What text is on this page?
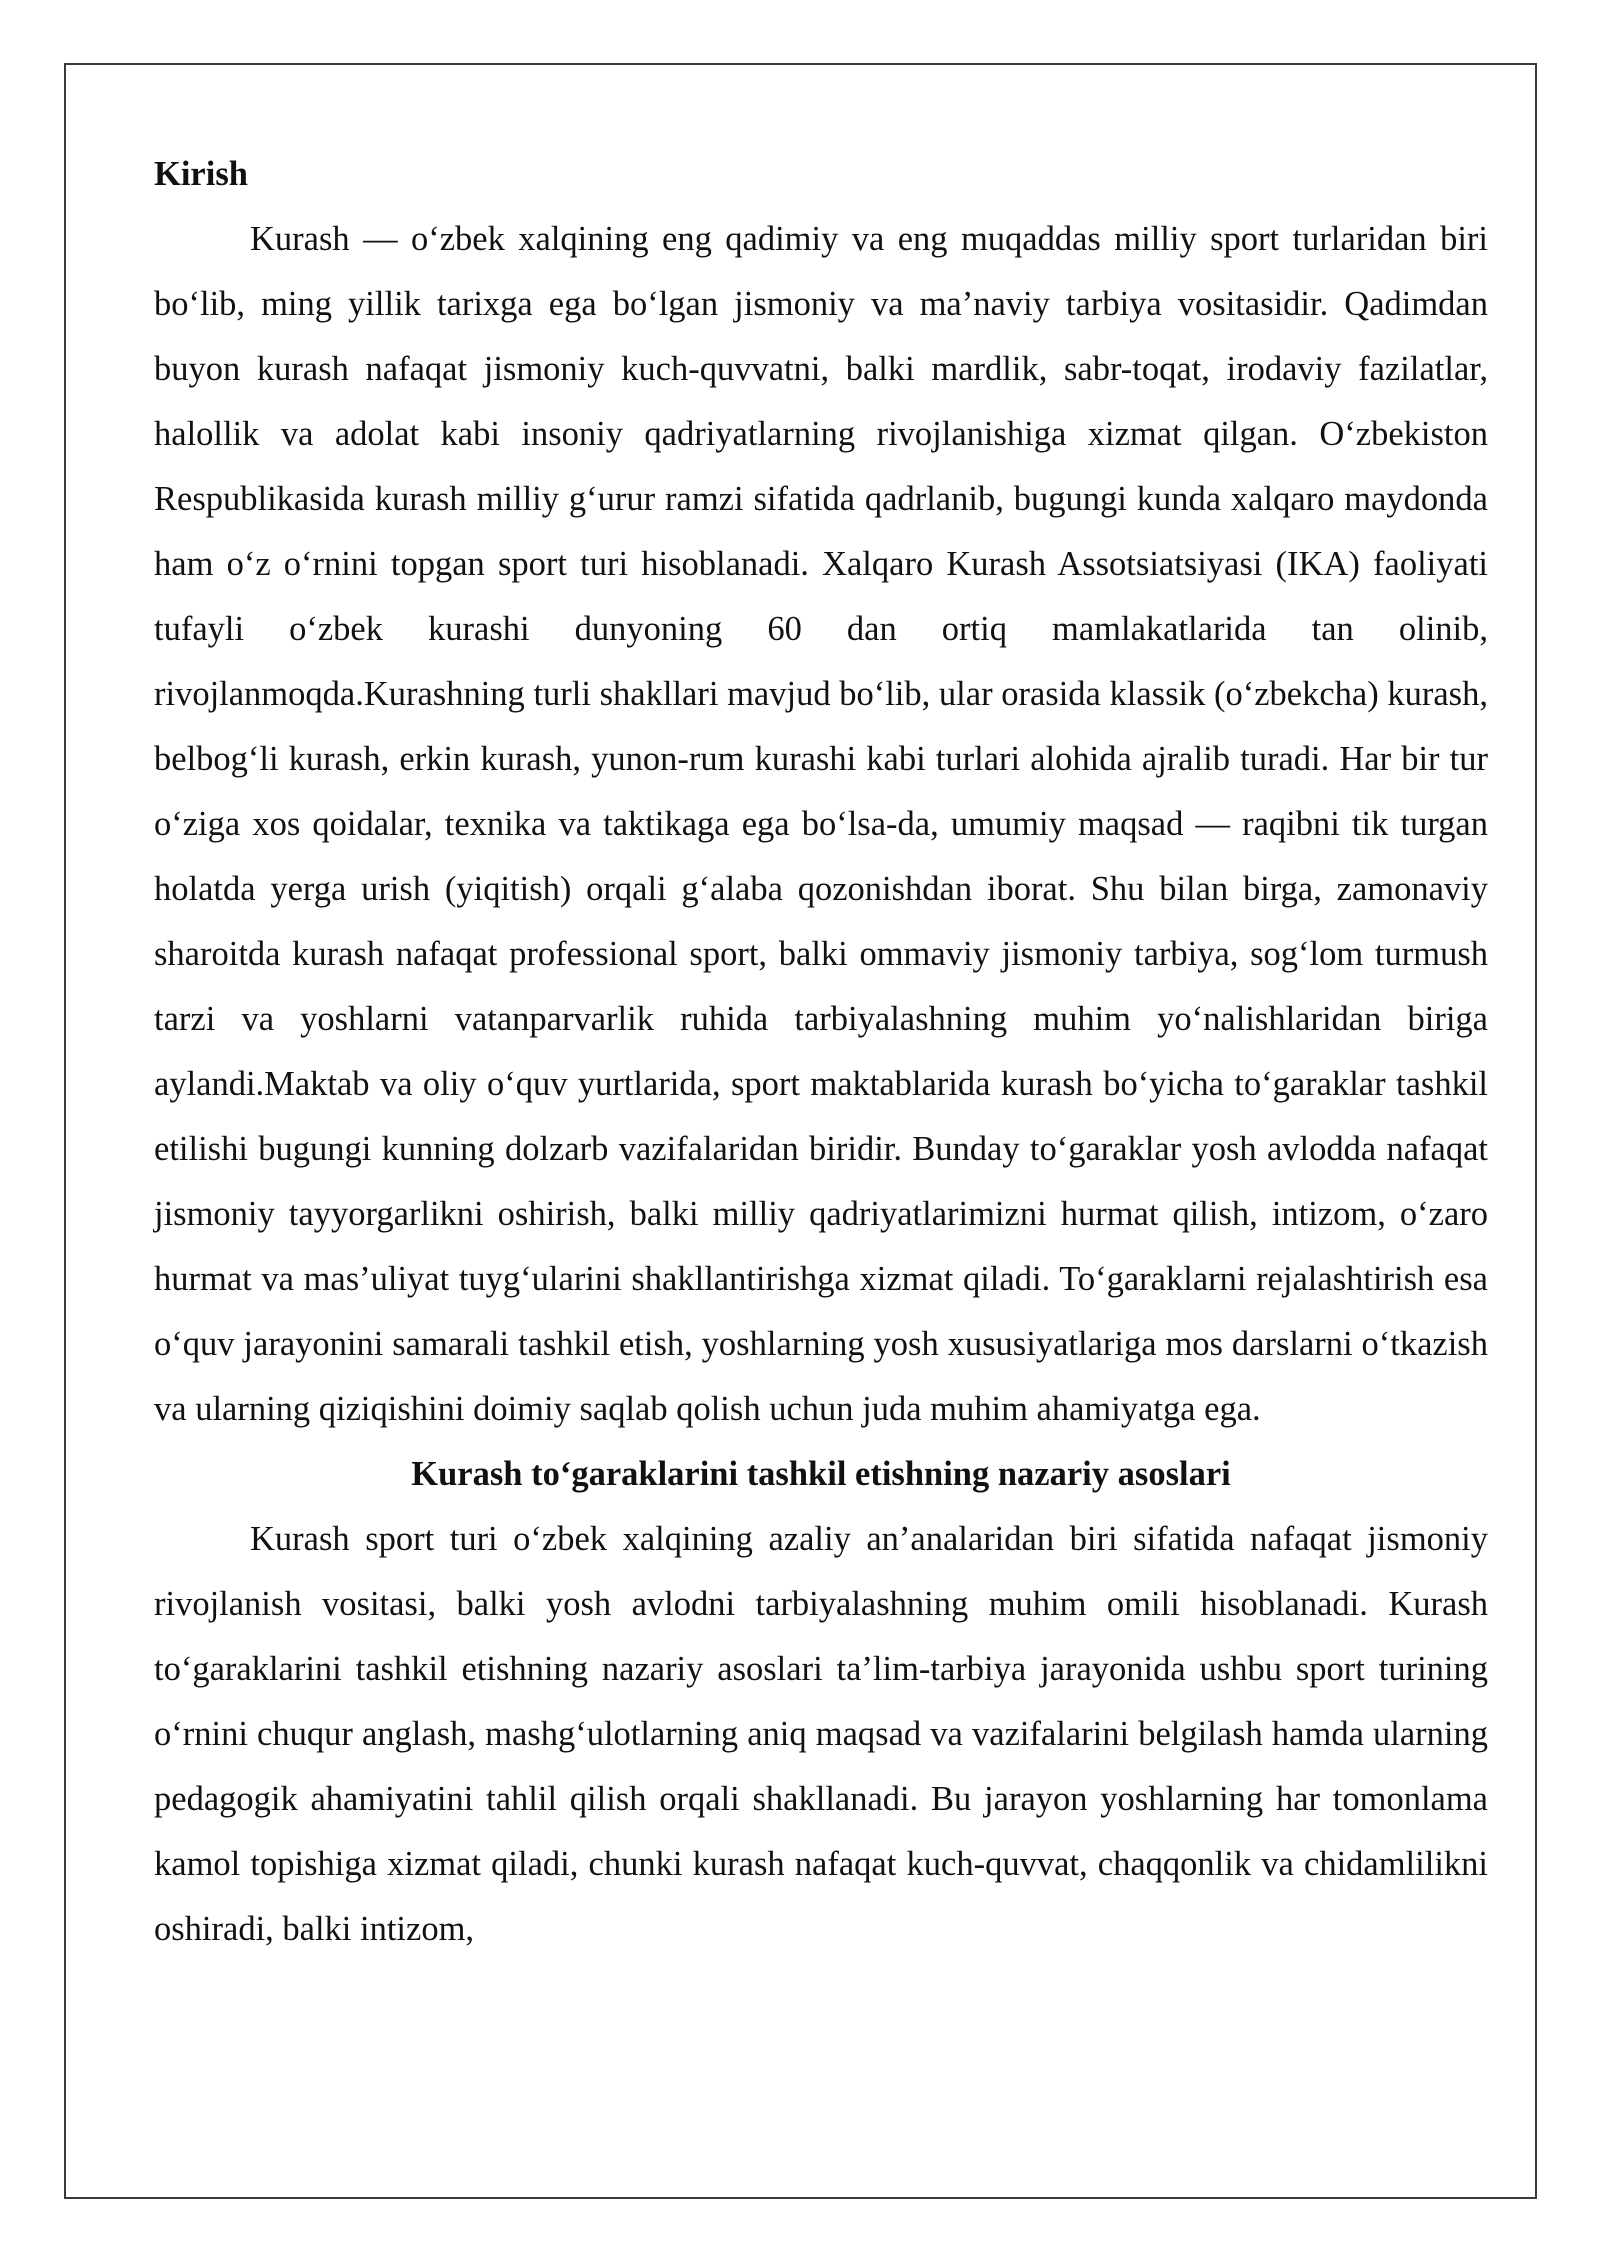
Kirish

Kurash — o‘zbek xalqining eng qadimiy va eng muqaddas milliy sport turlaridan biri bo‘lib, ming yillik tarixga ega bo‘lgan jismoniy va ma’naviy tarbiya vositasidir. Qadimdan buyon kurash nafaqat jismoniy kuch-quvvatni, balki mardlik, sabr-toqat, irodaviy fazilatlar, halollik va adolat kabi insoniy qadriyatlarning rivojlanishiga xizmat qilgan. O‘zbekiston Respublikasida kurash milliy g‘urur ramzi sifatida qadrlanib, bugungi kunda xalqaro maydonda ham o‘z o‘rnini topgan sport turi hisoblanadi. Xalqaro Kurash Assotsiatsiyasi (IKA) faoliyati tufayli o‘zbek kurashi dunyoning 60 dan ortiq mamlakatlarida tan olinib, rivojlanmoqda.Kurashning turli shakllari mavjud bo‘lib, ular orasida klassik (o‘zbekcha) kurash, belbog‘li kurash, erkin kurash, yunon-rum kurashi kabi turlari alohida ajralib turadi. Har bir tur o‘ziga xos qoidalar, texnika va taktikaga ega bo‘lsa-da, umumiy maqsad — raqibni tik turgan holatda yerga urish (yiqitish) orqali g‘alaba qozonishdan iborat. Shu bilan birga, zamonaviy sharoitda kurash nafaqat professional sport, balki ommaviy jismoniy tarbiya, sog‘lom turmush tarzi va yoshlarni vatanparvarlik ruhida tarbiyalashning muhim yo‘nalishlaridan biriga aylandi.Maktab va oliy o‘quv yurtlarida, sport maktablarida kurash bo‘yicha to‘garaklar tashkil etilishi bugungi kunning dolzarb vazifalaridan biridir. Bunday to‘garaklar yosh avlodda nafaqat jismoniy tayyorgarlikni oshirish, balki milliy qadriyatlarimizni hurmat qilish, intizom, o‘zaro hurmat va mas’uliyat tuyg‘ularini shakllantirishga xizmat qiladi. To‘garaklarni rejalashtirish esa o‘quv jarayonini samarali tashkil etish, yoshlarning yosh xususiyatlariga mos darslarni o‘tkazish va ularning qiziqishini doimiy saqlab qolish uchun juda muhim ahamiyatga ega.

Kurash to‘garaklarini tashkil etishning nazariy asoslari

Kurash sport turi o‘zbek xalqining azaliy an’analaridan biri sifatida nafaqat jismoniy rivojlanish vositasi, balki yosh avlodni tarbiyalashning muhim omili hisoblanadi. Kurash to‘garaklarini tashkil etishning nazariy asoslari ta’lim-tarbiya jarayonida ushbu sport turining o‘rnini chuqur anglash, mashg‘ulotlarning aniq maqsad va vazifalarini belgilash hamda ularning pedagogik ahamiyatini tahlil qilish orqali shakllanadi. Bu jarayon yoshlarning har tomonlama kamol topishiga xizmat qiladi, chunki kurash nafaqat kuch-quvvat, chaqqonlik va chidamlilikni oshiradi, balki intizom,
